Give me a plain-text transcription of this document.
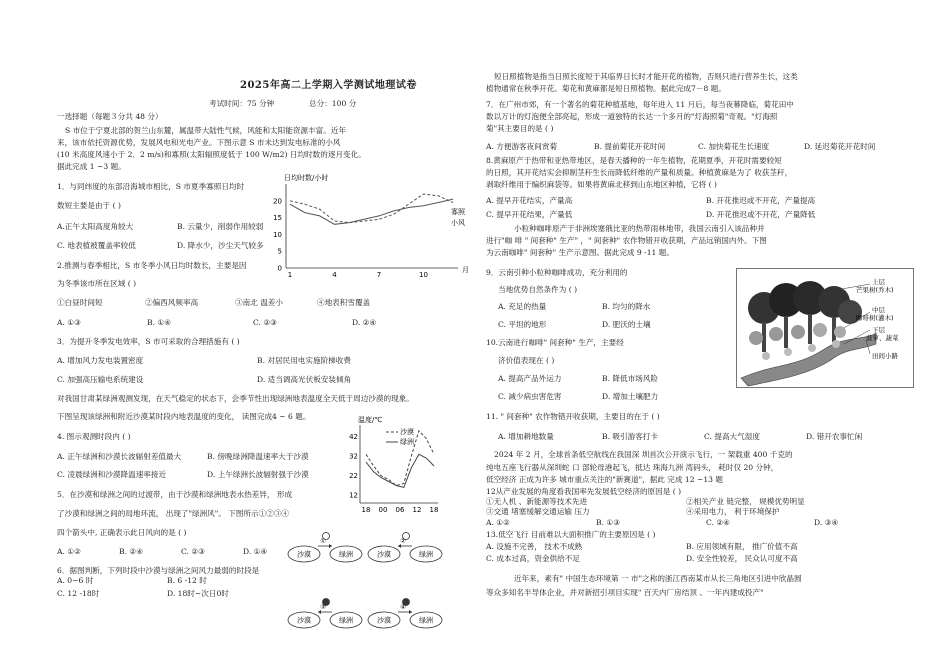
2025年高二上学期入学测试地理试卷
考试时间：75 分钟	总分：100 分
一选择题（每题３分共 48 分）
S 市位于宁夏北部的贺兰山东麓，属温带大陆性气候，风能和太阳能资源丰富。近年
来，该市依托资源优势，发展风电和光电产业。下图示意 S 市未达到发电标准的小风
(10 米高度风速小于 2．2 m/s)和寡照(太阳辐照度低于 100 W/m2) 日均时数的逐月变化。
据此完成 1 ~3 题。
1．与同纬度的东部沿海城市相比，S 市夏季寡照日均时
数短主要是由于 ( )
A.正午太阳高度角较大	B. 云量少，削弱作用较弱
C. 地表植被覆盖率较低	D. 降水少，沙尘天气较多
2.推测与春季相比，S 市冬季小风日均时数长，主要是因
为冬季该市所在区域 ( )
①白昼时间短	②偏西风频率高	③南北 温差小	④地表积雪覆盖
A. ①③	B. ①④	C. ②③	D. ②④
3．为提升冬季发电效率，S 市可采取的合理措施有 ( )
A. 增加风力发电装置密度	B. 对居民用电实施阶梯收费
C. 加强高压输电系统建设	D. 适当调高光伏板安装倾角
对我国甘肃某绿洲观测发现，在天气稳定的状态下，会季节性出现绿洲地表温度全天低于周边沙漠的现象。
下图呈现该绿洲和附近沙漠某时段内地表温度的变化， 读图完成4 ~ 6 题。
4. 图示观测时段内 ( )
A. 正午绿洲和沙漠长波辐射差值最大	B. 傍晚绿洲降温速率大于沙漠
C. 凌晨绿洲和沙漠降温速率接近	D. 上午绿洲长波辐射强于沙漠
5．在沙漠和绿洲之间的过渡带，由于沙漠和绿洲地表水热差异， 形成
了沙漠和绿洲之间的局地环流， 出现了"绿洲风"。 下图所示①②③④
四个箭头中, 正确表示此日风向的是 ( )
A. ①②	B. ②④	C. ②③	D. ①④
6．据图判断，下列时段中沙漠与绿洲之间风力最弱的时段是
A. 0~6 时	B. 6 -12 时
C. 12 -18时	D. 18时~次日0时
短日照植物是指当日照长度短于其临界日长时才能开花的植物，否则只进行营养生长，这类
植物通常在秋季开花。菊花和黄麻都是短日照植物。据此完成7－8 题。
7．在广州市郊，有一个著名的菊花种植基地，每年进入 11 月后，每当夜幕降临，菊花田中
数以万计的灯泡便全部亮起，形成一道独特的长达一个多月的"灯海照菊"奇观。"灯海照
菊"其主要目的是 ( )
A. 方便游客夜间赏菊	B. 提前菊花开花时间	C. 加快菊花生长速度	D. 延迟菊花开花时间
8.黄麻原产于热带和亚热带地区，是春天播种的一年生植物，花期夏季，开花时需要较短
的日照，其开花结实会抑制茎秆生长而降低纤维的产量和质量。种植黄麻是为了 收获茎秆，
剥取纤维用于编织麻袋等。如果将黄麻北移到山东地区种植，它将 ( )
A. 提早开花结实，产量高	B. 开花推迟或不开花，产量提高
C. 提早开花结果，产量低	D. 开花推迟或不开花，产量降低
小粒种咖啡原产于非洲埃塞俄比亚的热带雨林地带，我国云南引入该品种并
进行"咖 啡 " 间套种" 生产" ，" 间套种" 农作物错开收获期，产品远销国内外。下图
为云南咖啡" 间套种" 生产示意图。据此完成 9 -11 题。
9．云南引种小粒种咖啡成功，充分利用的
当地优势自然条件为 ( )
A. 充足的热量	B. 均匀的降水
C. 平坦的地形	D. 肥沃的土壤
10.云南进行咖啡" 间套种" 生产，主要经
济价值表现在 ( )
A. 提高产品外运力	B. 降低市场风险
C. 减少病虫害危害	D. 增加土壤肥力
11. " 间套种" 农作物错开收获期，主要目的在于 ( )
A. 增加耕地数量	B. 吸引游客打卡	C. 提高大气湿度	D. 错开农事忙闲
2024 年 2 月，全球首条低空航线在我国深 圳首次公开演示飞行，一 架载重 400 千克的
纯电五座飞行器从深圳蛇 口 部轮母港起飞，抵达 珠海九洲 湾码头， 耗时仅 20 分钟，
低空经济 正成为许多 城市重点关注的"新赛道"，据此 完成 12 ~13 题
12从产业发展的角度看我国率先发展低空经济的原因是 ( )
①无人机 、新能源等技术先进	②相关产业 链完整， 规模优势明显
③交通 堵塞缓解交通运输 压力	④采用电力， 利于环境保护
A. ①②	B. ①③	C. ②④	D. ③④
13.低空飞行 目前难以大面积推广的主要原因是 ( )
A. 设施不完善， 技术不成熟	B. 应用领域有限， 推广价值不高
C. 成本过高，资金供给不足	D. 安全性较差， 民众认可度不高
近年来，素有" 中国生态环境第 一 市"之称的浙江西南某市从长三角地区引进中欣晶圆
等众多知名半导体企业，并对新招引项目实现" 百天内厂房结顶 、一年内建成投产"
日均时数/小时
20
15
10
5
0
1	4	7	10
寡照
小风
月
温度/℃
42
32
22
12
18 00 06 12 18
沙漠
绿洲
沙漠	绿洲
①
沙漠	绿洲
②
沙漠	绿洲
③
沙漠	绿洲
④
上层
芒果树(乔木)
中层
咖啡树(灌木)
下层
菠萝、蔬菜
田间小路
